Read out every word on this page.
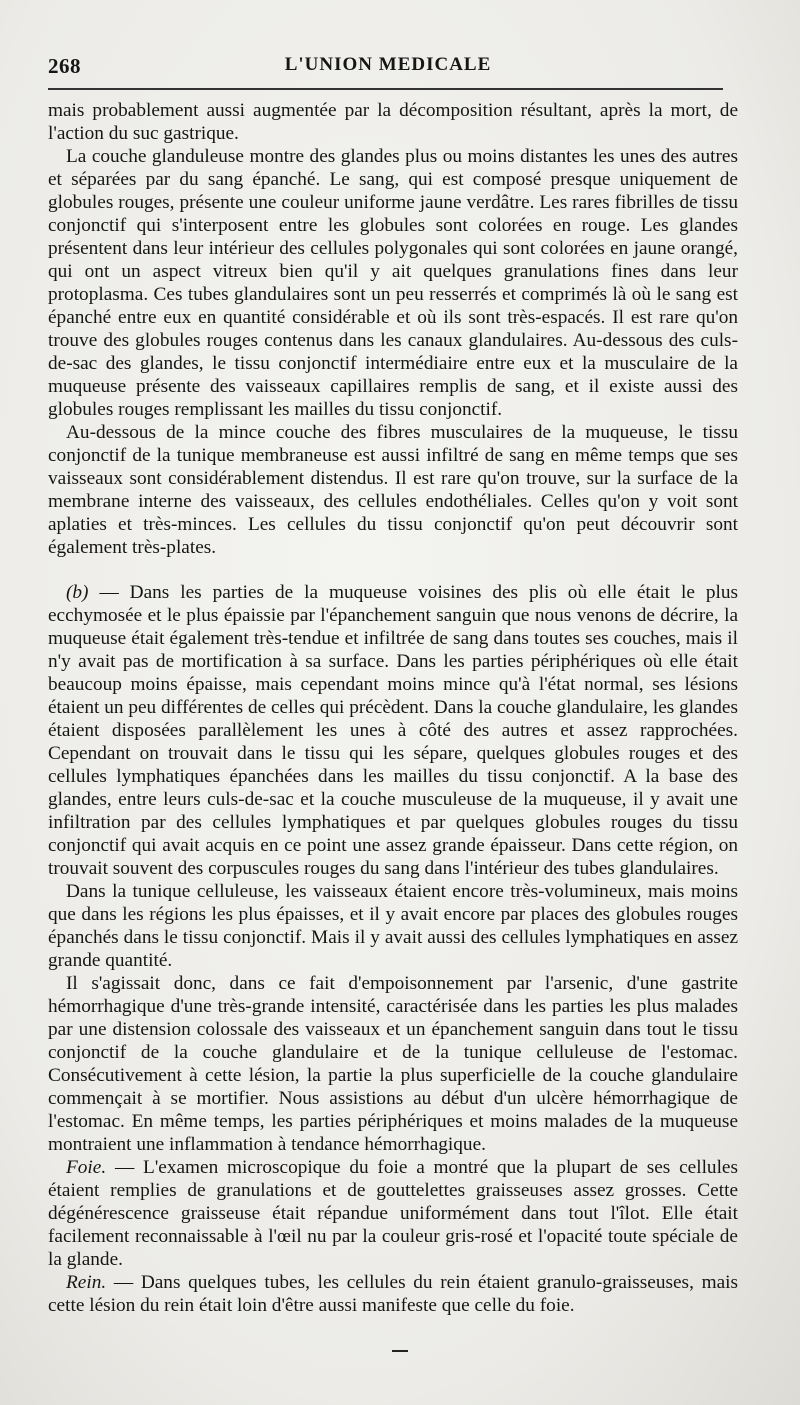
268	L'UNION MEDICALE

mais probablement aussi augmentée par la décomposition résultant, après la mort, de l'action du suc gastrique.

La couche glanduleuse montre des glandes plus ou moins distantes les unes des autres et séparées par du sang épanché. Le sang, qui est composé presque uniquement de globules rouges, présente une couleur uniforme jaune verdâtre. Les rares fibrilles de tissu conjonctif qui s'interposent entre les globules sont colorées en rouge. Les glandes présentent dans leur intérieur des cellules polygonales qui sont colorées en jaune orangé, qui ont un aspect vitreux bien qu'il y ait quelques granulations fines dans leur protoplasma. Ces tubes glandulaires sont un peu resserrés et comprimés là où le sang est épanché entre eux en quantité considérable et où ils sont très-espacés. Il est rare qu'on trouve des globules rouges contenus dans les canaux glandulaires. Au-dessous des culs-de-sac des glandes, le tissu conjonctif intermédiaire entre eux et la musculaire de la muqueuse présente des vaisseaux capillaires remplis de sang, et il existe aussi des globules rouges remplissant les mailles du tissu conjonctif.

Au-dessous de la mince couche des fibres musculaires de la muqueuse, le tissu conjonctif de la tunique membraneuse est aussi infiltré de sang en même temps que ses vaisseaux sont considérablement distendus. Il est rare qu'on trouve, sur la surface de la membrane interne des vaisseaux, des cellules endothéliales. Celles qu'on y voit sont aplaties et très-minces. Les cellules du tissu conjonctif qu'on peut découvrir sont également très-plates.

(b) — Dans les parties de la muqueuse voisines des plis où elle était le plus ecchymosée et le plus épaissie par l'épanchement sanguin que nous venons de décrire, la muqueuse était également très-tendue et infiltrée de sang dans toutes ses couches, mais il n'y avait pas de mortification à sa surface. Dans les parties périphériques où elle était beaucoup moins épaisse, mais cependant moins mince qu'à l'état normal, ses lésions étaient un peu différentes de celles qui précèdent. Dans la couche glandulaire, les glandes étaient disposées parallèlement les unes à côté des autres et assez rapprochées. Cependant on trouvait dans le tissu qui les sépare, quelques globules rouges et des cellules lymphatiques épanchées dans les mailles du tissu conjonctif. A la base des glandes, entre leurs culs-de-sac et la couche musculeuse de la muqueuse, il y avait une infiltration par des cellules lymphatiques et par quelques globules rouges du tissu conjonctif qui avait acquis en ce point une assez grande épaisseur. Dans cette région, on trouvait souvent des corpuscules rouges du sang dans l'intérieur des tubes glandulaires.

Dans la tunique celluleuse, les vaisseaux étaient encore très-volumineux, mais moins que dans les régions les plus épaisses, et il y avait encore par places des globules rouges épanchés dans le tissu conjonctif. Mais il y avait aussi des cellules lymphatiques en assez grande quantité.

Il s'agissait donc, dans ce fait d'empoisonnement par l'arsenic, d'une gastrite hémorrhagique d'une très-grande intensité, caractérisée dans les parties les plus malades par une distension colossale des vaisseaux et un épanchement sanguin dans tout le tissu conjonctif de la couche glandulaire et de la tunique celluleuse de l'estomac. Consécutivement à cette lésion, la partie la plus superficielle de la couche glandulaire commençait à se mortifier. Nous assistions au début d'un ulcère hémorrhagique de l'estomac. En même temps, les parties périphériques et moins malades de la muqueuse montraient une inflammation à tendance hémorrhagique.

Foie. — L'examen microscopique du foie a montré que la plupart de ses cellules étaient remplies de granulations et de gouttelettes graisseuses assez grosses. Cette dégénérescence graisseuse était répandue uniformément dans tout l'îlot. Elle était facilement reconnaissable à l'œil nu par la couleur gris-rosé et l'opacité toute spéciale de la glande.

Rein. — Dans quelques tubes, les cellules du rein étaient granulo-graisseuses, mais cette lésion du rein était loin d'être aussi manifeste que celle du foie.
